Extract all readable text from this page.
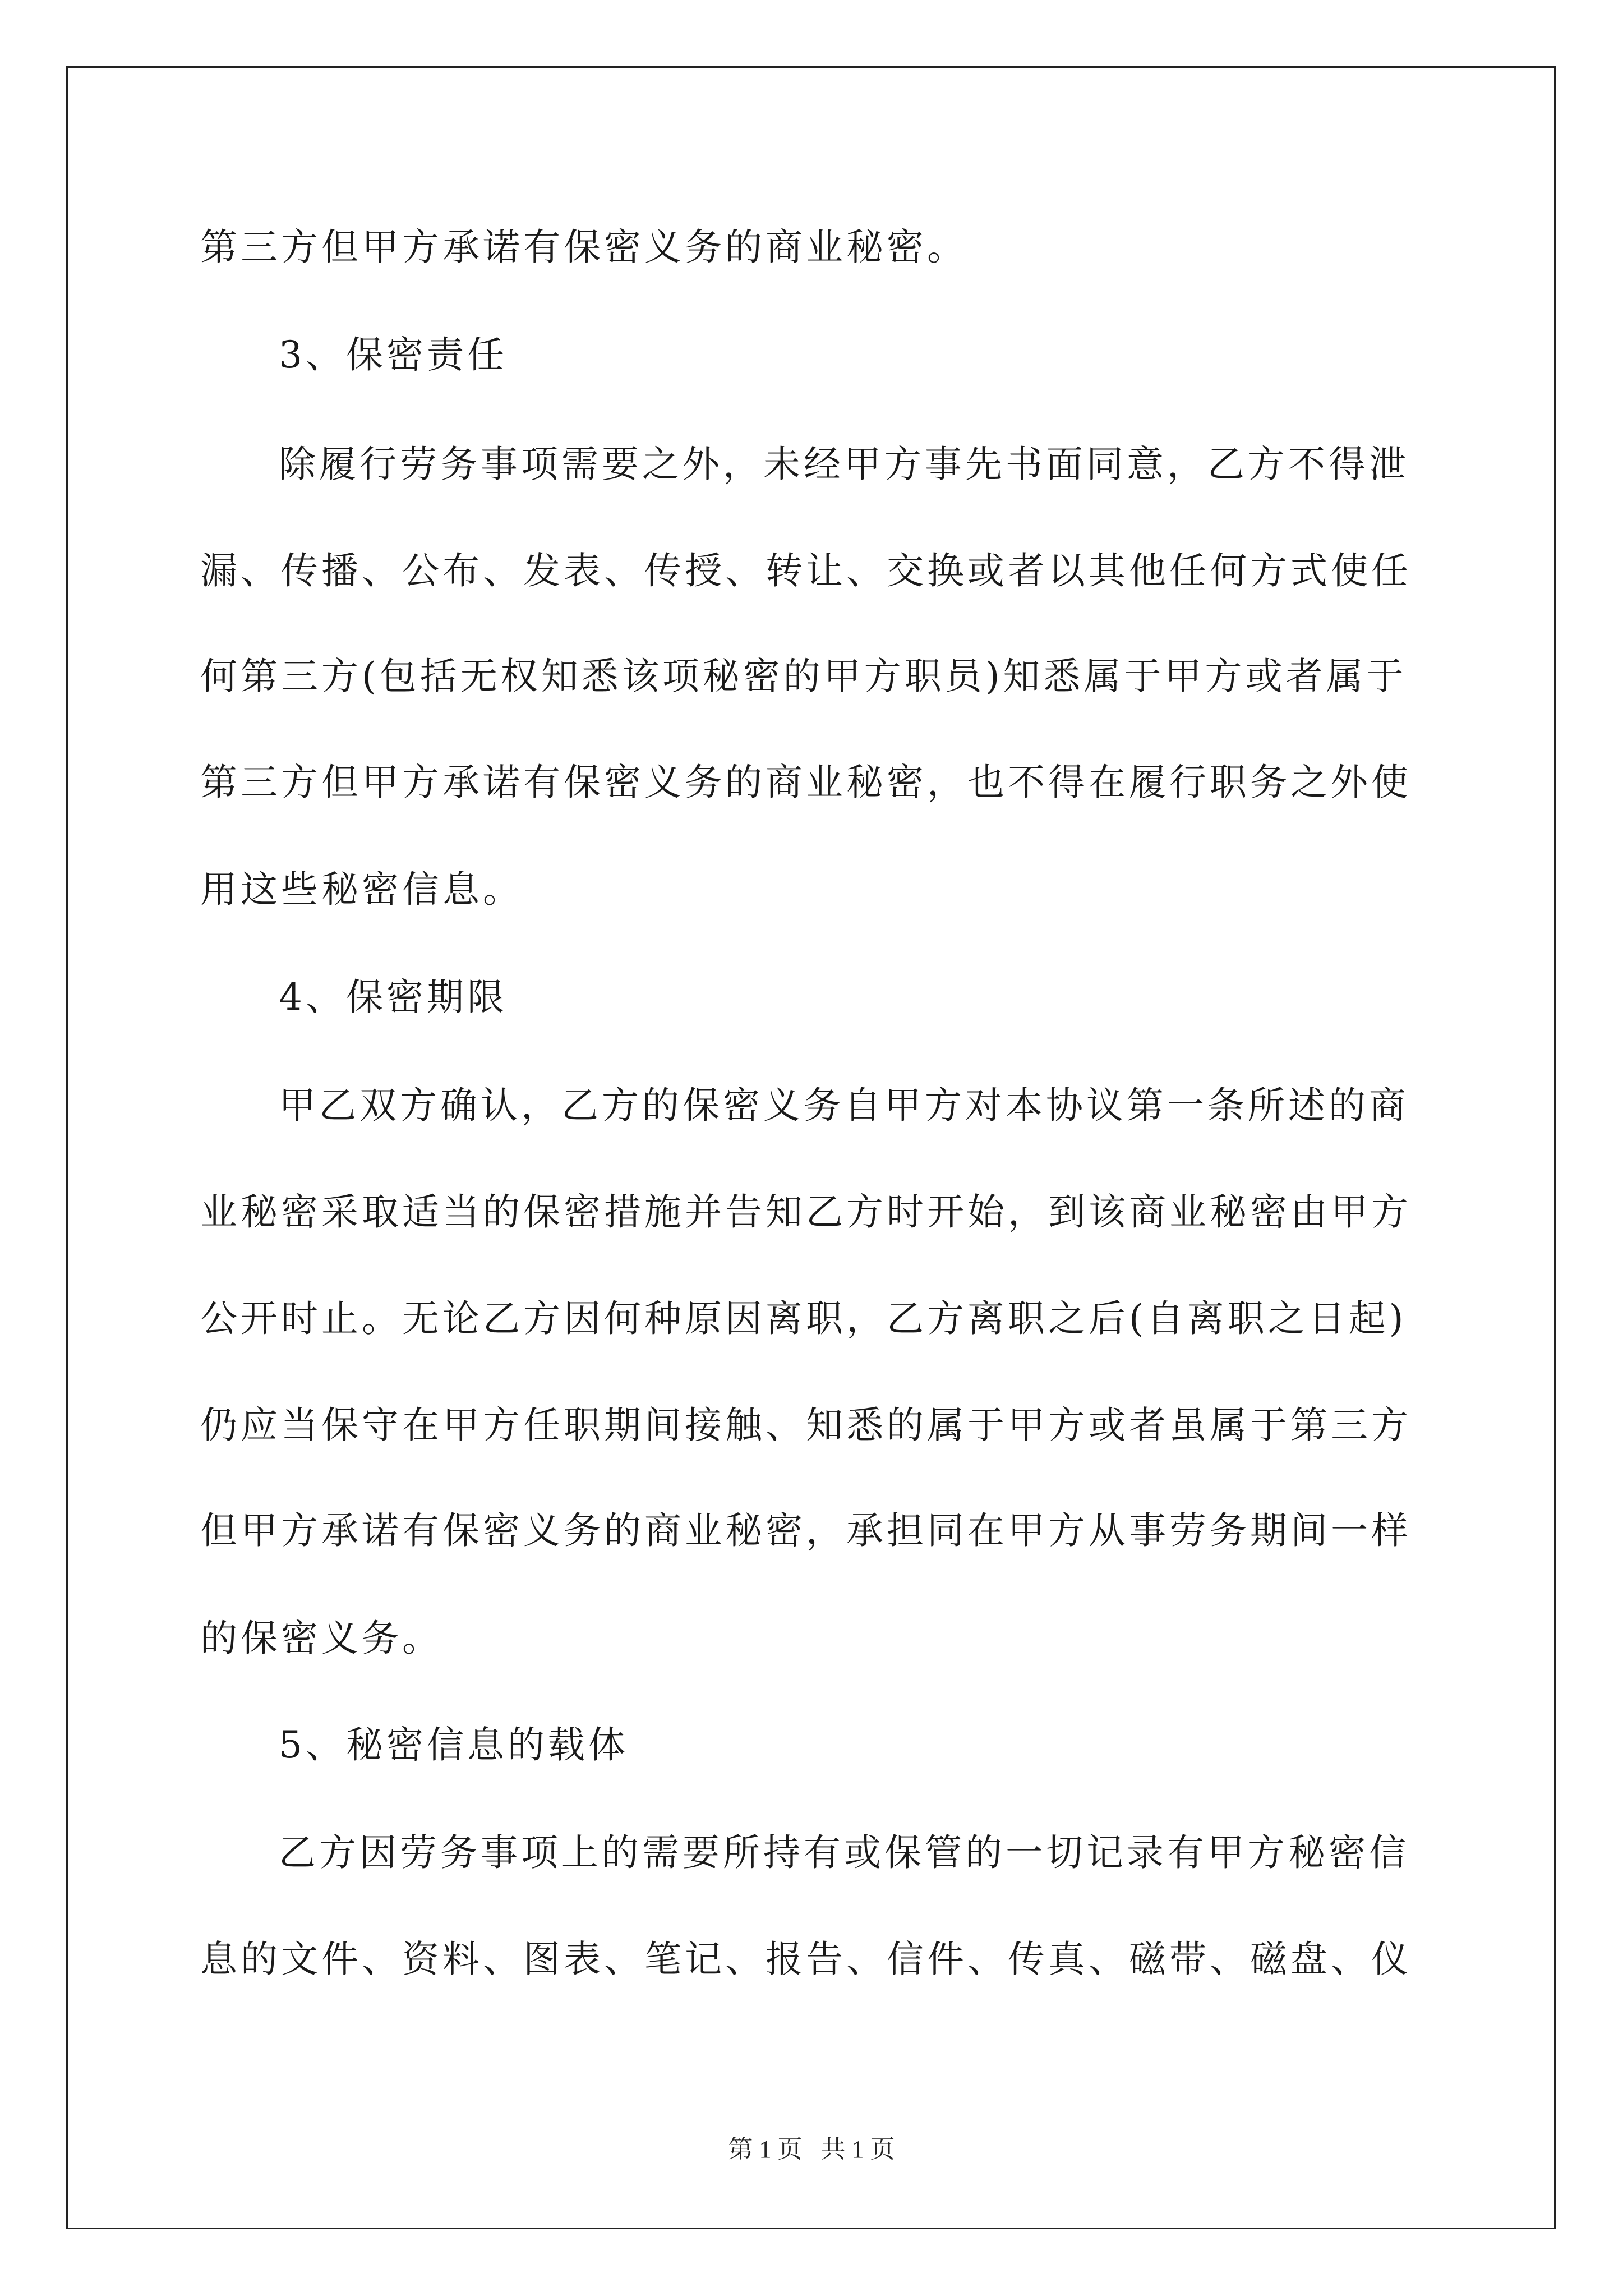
第三方但甲方承诺有保密义务的商业秘密。
3、保密责任
除履行劳务事项需要之外，未经甲方事先书面同意，乙方不得泄
漏、传播、公布、发表、传授、转让、交换或者以其他任何方式使任
何第三方(包括无权知悉该项秘密的甲方职员)知悉属于甲方或者属于
第三方但甲方承诺有保密义务的商业秘密，也不得在履行职务之外使
用这些秘密信息。
4、保密期限
甲乙双方确认，乙方的保密义务自甲方对本协议第一条所述的商
业秘密采取适当的保密措施并告知乙方时开始，到该商业秘密由甲方
公开时止。无论乙方因何种原因离职，乙方离职之后(自离职之日起)
仍应当保守在甲方任职期间接触、知悉的属于甲方或者虽属于第三方
但甲方承诺有保密义务的商业秘密，承担同在甲方从事劳务期间一样
的保密义务。
5、秘密信息的载体
乙方因劳务事项上的需要所持有或保管的一切记录有甲方秘密信
息的文件、资料、图表、笔记、报告、信件、传真、磁带、磁盘、仪
第 1 页   共 1 页
